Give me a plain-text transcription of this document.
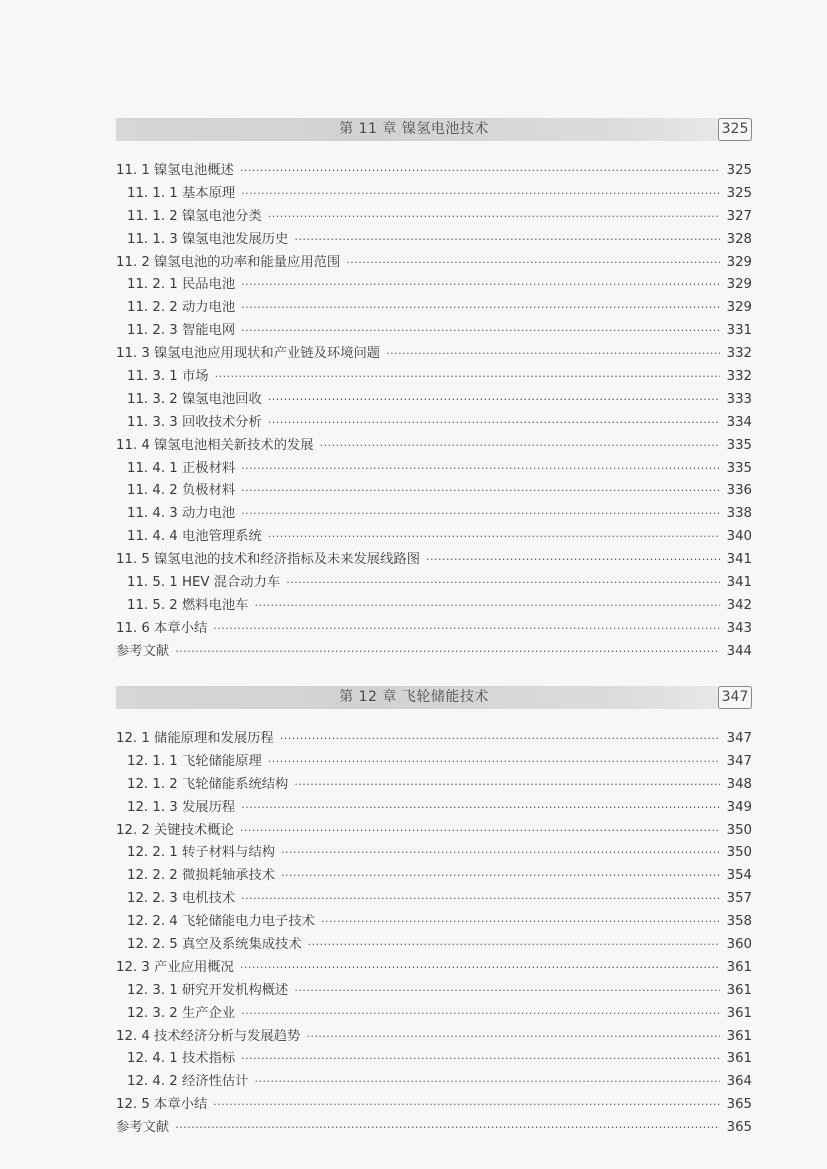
第 11 章 镍氢电池技术	325
11. 1 镍氢电池概述 ·····	325
11. 1. 1 基本原理 ·····	325
11. 1. 2 镍氢电池分类 ·····	327
11. 1. 3 镍氢电池发展历史 ·····	328
11. 2 镍氢电池的功率和能量应用范围 ·····	329
11. 2. 1 民品电池 ·····	329
11. 2. 2 动力电池 ·····	329
11. 2. 3 智能电网 ·····	331
11. 3 镍氢电池应用现状和产业链及环境问题 ·····	332
11. 3. 1 市场 ·····	332
11. 3. 2 镍氢电池回收 ·····	333
11. 3. 3 回收技术分析 ·····	334
11. 4 镍氢电池相关新技术的发展 ·····	335
11. 4. 1 正极材料 ·····	335
11. 4. 2 负极材料 ·····	336
11. 4. 3 动力电池 ·····	338
11. 4. 4 电池管理系统 ·····	340
11. 5 镍氢电池的技术和经济指标及未来发展线路图 ·····	341
11. 5. 1 HEV 混合动力车 ·····	341
11. 5. 2 燃料电池车 ·····	342
11. 6 本章小结 ·····	343
参考文献 ·····	344
第 12 章 飞轮储能技术	347
12. 1 储能原理和发展历程 ·····	347
12. 1. 1 飞轮储能原理 ·····	347
12. 1. 2 飞轮储能系统结构 ·····	348
12. 1. 3 发展历程 ·····	349
12. 2 关键技术概论 ·····	350
12. 2. 1 转子材料与结构 ·····	350
12. 2. 2 微损耗轴承技术 ·····	354
12. 2. 3 电机技术 ·····	357
12. 2. 4 飞轮储能电力电子技术 ·····	358
12. 2. 5 真空及系统集成技术 ·····	360
12. 3 产业应用概况 ·····	361
12. 3. 1 研究开发机构概述 ·····	361
12. 3. 2 生产企业 ·····	361
12. 4 技术经济分析与发展趋势 ·····	361
12. 4. 1 技术指标 ·····	361
12. 4. 2 经济性估计 ·····	364
12. 5 本章小结 ·····	365
参考文献 ·····	365
